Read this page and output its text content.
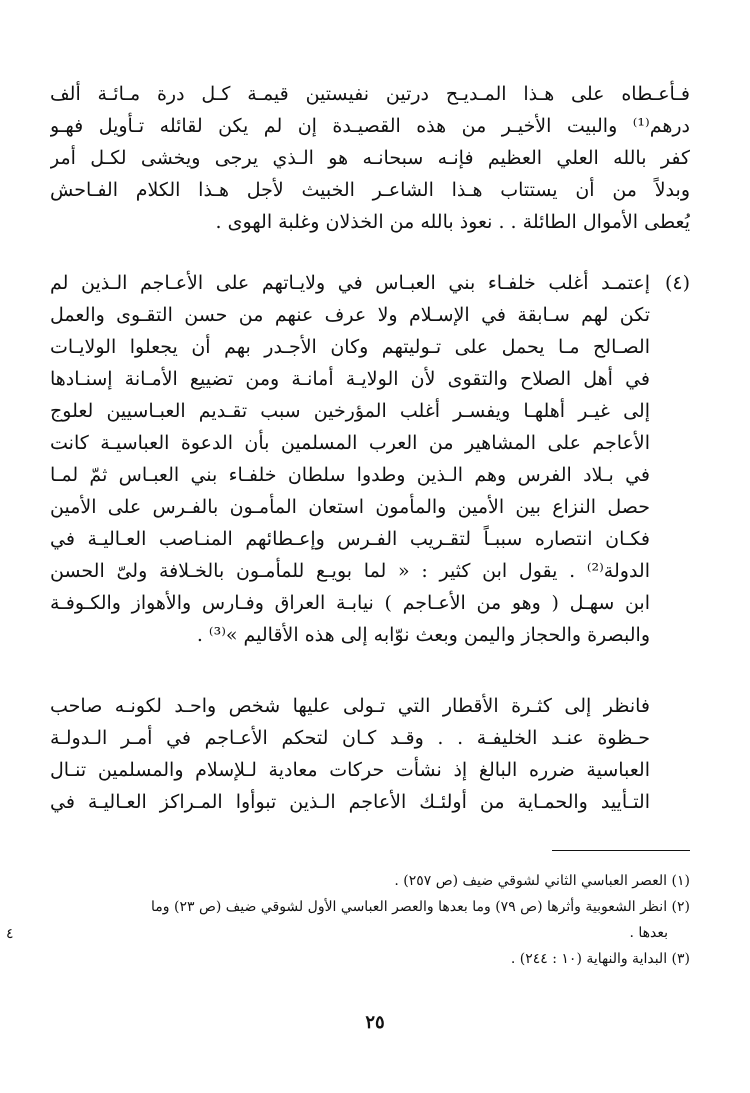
فـأعـطاه على هـذا المـديـح درتين نفيستين قيمـة كـل درة مـائـة ألف
درهم⁽¹⁾ والبيت الأخيـر من هذه القصيـدة إن لم يكن لقائله تـأويل فهـو
كفر بالله العلي العظيم فإنـه سبحانـه هو الـذي يرجى ويخشى لكـل أمر
وبدلاً من أن يستتاب هـذا الشاعـر الخبيث لأجل هـذا الكلام الفـاحش
يُعطى الأموال الطائلة . . نعوذ بالله من الخذلان وغلبة الهوى .
(٤)
إعتمـد أغلب خلفـاء بني العبـاس في ولايـاتهم على الأعـاجم الـذين لم
تكن لهم سـابقة في الإسـلام ولا عرف عنهم من حسن التقـوى والعمل
الصـالح مـا يحمل على تـوليتهم وكان الأجـدر بهم أن يجعلوا الولايـات
في أهل الصلاح والتقوى لأن الولايـة أمانـة ومن تضييع الأمـانة إسنـادها
إلى غيـر أهلهـا ويفسـر أغلب المؤرخين سبب تقـديم العبـاسيين لعلوج
الأعاجم على المشاهير من العرب المسلمين بأن الدعوة العباسيـة كانت
في بـلاد الفرس وهم الـذين وطدوا سلطان خلفـاء بني العبـاس ثمّ لمـا
حصل النزاع بين الأمين والمأمون استعان المأمـون بالفـرس على الأمين
فكـان انتصاره سببـاً لتقـريب الفـرس وإعـطائهم المنـاصب العـاليـة في
الدولة⁽²⁾ . يقول ابن كثير : « لما بويـع للمأمـون بالخـلافة ولىّ الحسن
ابن سهـل ( وهو من الأعـاجم ) نيابـة العراق وفـارس والأهواز والكـوفـة
والبصرة والحجاز واليمن وبعث نوّابه إلى هذه الأقاليم »⁽³⁾ .
فانظر إلى كثـرة الأقطار التي تـولى عليها شخص واحـد لكونـه صاحب
حـظوة عنـد الخليفـة . . وقـد كـان لتحكم الأعـاجم في أمـر الـدولـة
العباسية ضرره البالغ إذ نشأت حركات معادية لـلإسلام والمسلمين تنـال
التـأييد والحمـاية من أولئـك الأعاجم الـذين تبوأوا المـراكز العـاليـة في
(١) العصر العباسي الثاني لشوقي ضيف (ص ٢٥٧) .
(٢) انظر الشعوبية وأثرها (ص ٧٩) وما بعدها والعصر العباسي الأول لشوقي ضيف (ص ٢٣) وما
بعدها .
(٣) البداية والنهاية (١٠ : ٢٤٤) .
٤
٢٥
